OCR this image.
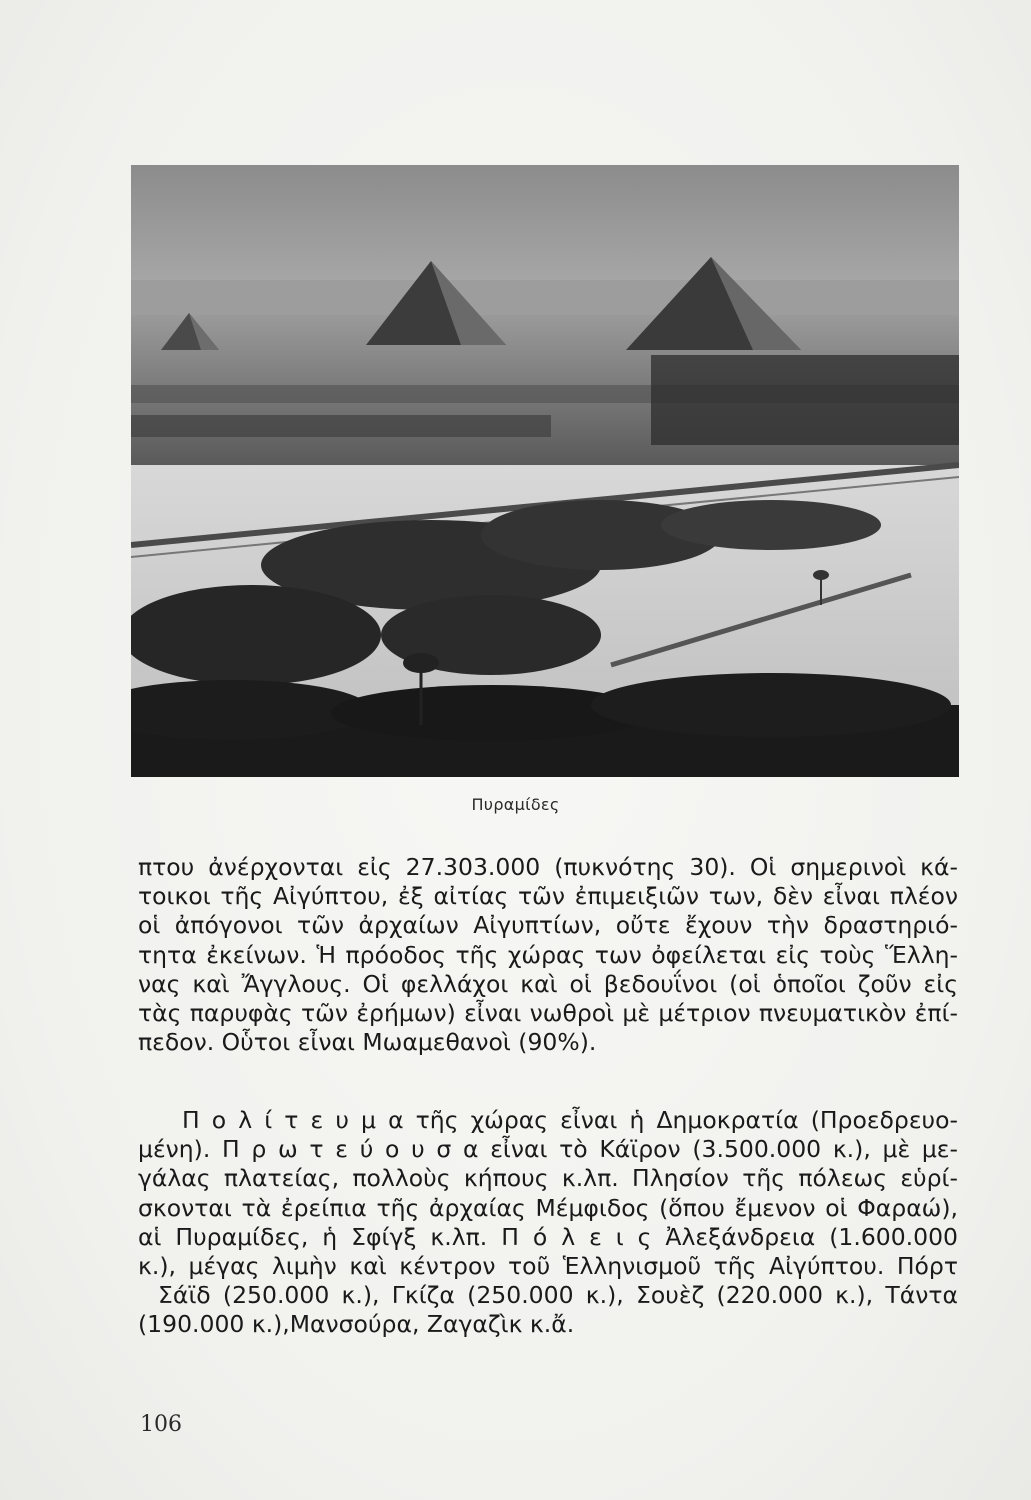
Πυραμίδες
πτου ἀνέρχονται εἰς 27.303.000 (πυκνότης 30). Οἱ σημερινοὶ κά-
τοικοι τῆς Αἰγύπτου, ἐξ αἰτίας τῶν ἐπιμειξιῶν των, δὲν εἶναι πλέον
οἱ ἀπόγονοι τῶν ἀρχαίων Αἰγυπτίων, οὔτε ἔχουν τὴν δραστηριό-
τητα ἐκείνων. Ἡ πρόοδος τῆς χώρας των ὀφείλεται εἰς τοὺς Ἕλλη-
νας καὶ Ἄγγλους. Οἱ φελλάχοι καὶ οἱ βεδουΐνοι (οἱ ὁποῖοι ζοῦν εἰς
τὰς παρυφὰς τῶν ἐρήμων) εἶναι νωθροὶ μὲ μέτριον πνευματικὸν ἐπί-
πεδον. Οὗτοι εἶναι Μωαμεθανοὶ (90%).
Π ο λ ί τ ε υ μ α τῆς χώρας εἶναι ἡ Δημοκρατία (Προεδρευο-
μένη). Π ρ ω τ ε ύ ο υ σ α εἶναι τὸ Κάϊρον (3.500.000 κ.), μὲ με-
γάλας πλατείας, πολλοὺς κήπους κ.λπ. Πλησίον τῆς πόλεως εὑρί-
σκονται τὰ ἐρείπια τῆς ἀρχαίας Μέμφιδος (ὅπου ἔμενον οἱ Φαραώ),
αἱ Πυραμίδες, ἡ Σφίγξ κ.λπ. Π ό λ ε ι ς Ἀλεξάνδρεια (1.600.000
κ.), μέγας λιμὴν καὶ κέντρον τοῦ Ἑλληνισμοῦ τῆς Αἰγύπτου. Πόρτ
Σάϊδ (250.000 κ.), Γκίζα (250.000 κ.), Σουὲζ (220.000 κ.), Τάντα
(190.000 κ.),Μανσούρα, Ζαγαζὶκ κ.ἄ.
106
